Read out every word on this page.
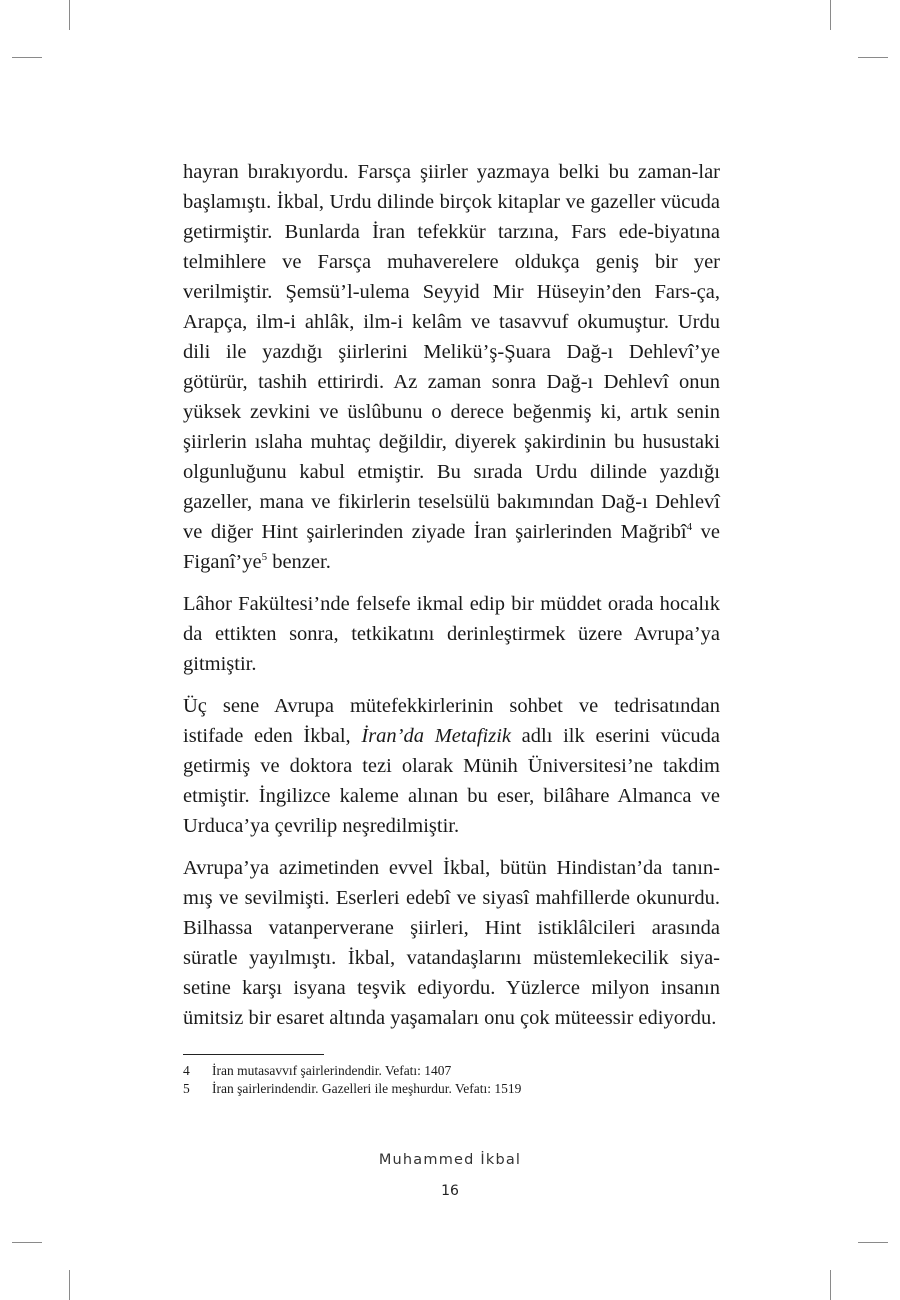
hayran bırakıyordu. Farsça şiirler yazmaya belki bu zaman-lar başlamıştı. İkbal, Urdu dilinde birçok kitaplar ve gazeller vücuda getirmiştir. Bunlarda İran tefekkür tarzına, Fars ede-biyatına telmihlere ve Farsça muhaverelere oldukça geniş bir yer verilmiştir. Şemsü’l-ulema Seyyid Mir Hüseyin’den Fars-ça, Arapça, ilm-i ahlâk, ilm-i kelâm ve tasavvuf okumuştur. Urdu dili ile yazdığı şiirlerini Melikü’ş-Şuara Dağ-ı Dehlevî’ye götürür, tashih ettirirdi. Az zaman sonra Dağ-ı Dehlevî onun yüksek zevkini ve üslûbunu o derece beğenmiş ki, artık senin şiirlerin ıslaha muhtaç değildir, diyerek şakirdinin bu husustaki olgunluğunu kabul etmiştir. Bu sırada Urdu dilinde yazdığı gazeller, mana ve fikirlerin teselsülü bakımından Dağ-ı Dehlevî ve diğer Hint şairlerinden ziyade İran şairlerinden Mağribî$^4$ ve $Figanî’ye^5$ benzer.

Lâhor Fakültesi’nde felsefe ikmal edip bir müddet orada hocalık da ettikten sonra, tetkikatını derinleştirmek üzere Avrupa’ya gitmiştir.

Üç sene Avrupa mütefekkirlerinin sohbet ve tedrisatından istifade eden İkbal, İran’da Metafizik adlı ilk eserini vücuda getirmiş ve doktora tezi olarak Münih Üniversitesi’ne takdim etmiştir. İngilizce kaleme alınan bu eser, bilâhare Almanca ve Urduca’ya çevrilip neşredilmiştir.

Avrupa’ya azimetinden evvel İkbal, bütün Hindistan’da tanın-mış ve sevilmişti. Eserleri edebî ve siyasî mahfillerde okunurdu. Bilhassa vatanperverane şiirleri, Hint istiklâlcileri arasında süratle yayılmıştı. İkbal, vatandaşlarını müstemlekecilik siya-setine karşı isyana teşvik ediyordu. Yüzlerce milyon insanın ümitsiz bir esaret altında yaşamaları onu çok müteessir ediyordu.

4	İran mutasavvıf şairlerindendir. Vefatı: 1407
5	İran şairlerindendir. Gazelleri ile meşhurdur. Vefatı: 1519
Muhammed İkbal
16
